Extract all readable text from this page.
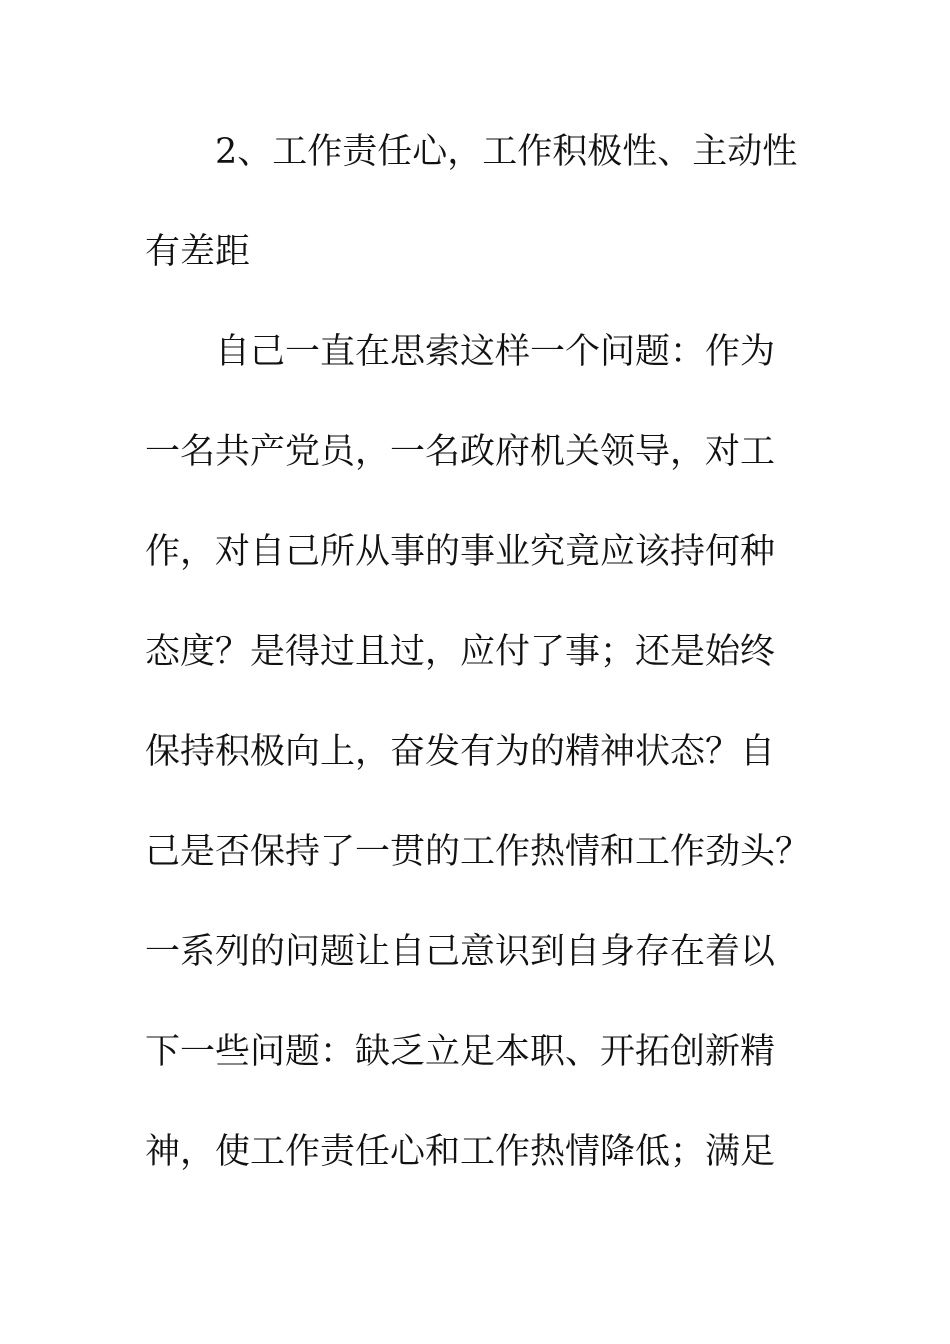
2、工作责任心，工作积极性、主动性
有差距
自己一直在思索这样一个问题：作为
一名共产党员，一名政府机关领导，对工
作，对自己所从事的事业究竟应该持何种
态度？是得过且过，应付了事；还是始终
保持积极向上，奋发有为的精神状态？自
己是否保持了一贯的工作热情和工作劲头？
一系列的问题让自己意识到自身存在着以
下一些问题：缺乏立足本职、开拓创新精
神，使工作责任心和工作热情降低；满足
